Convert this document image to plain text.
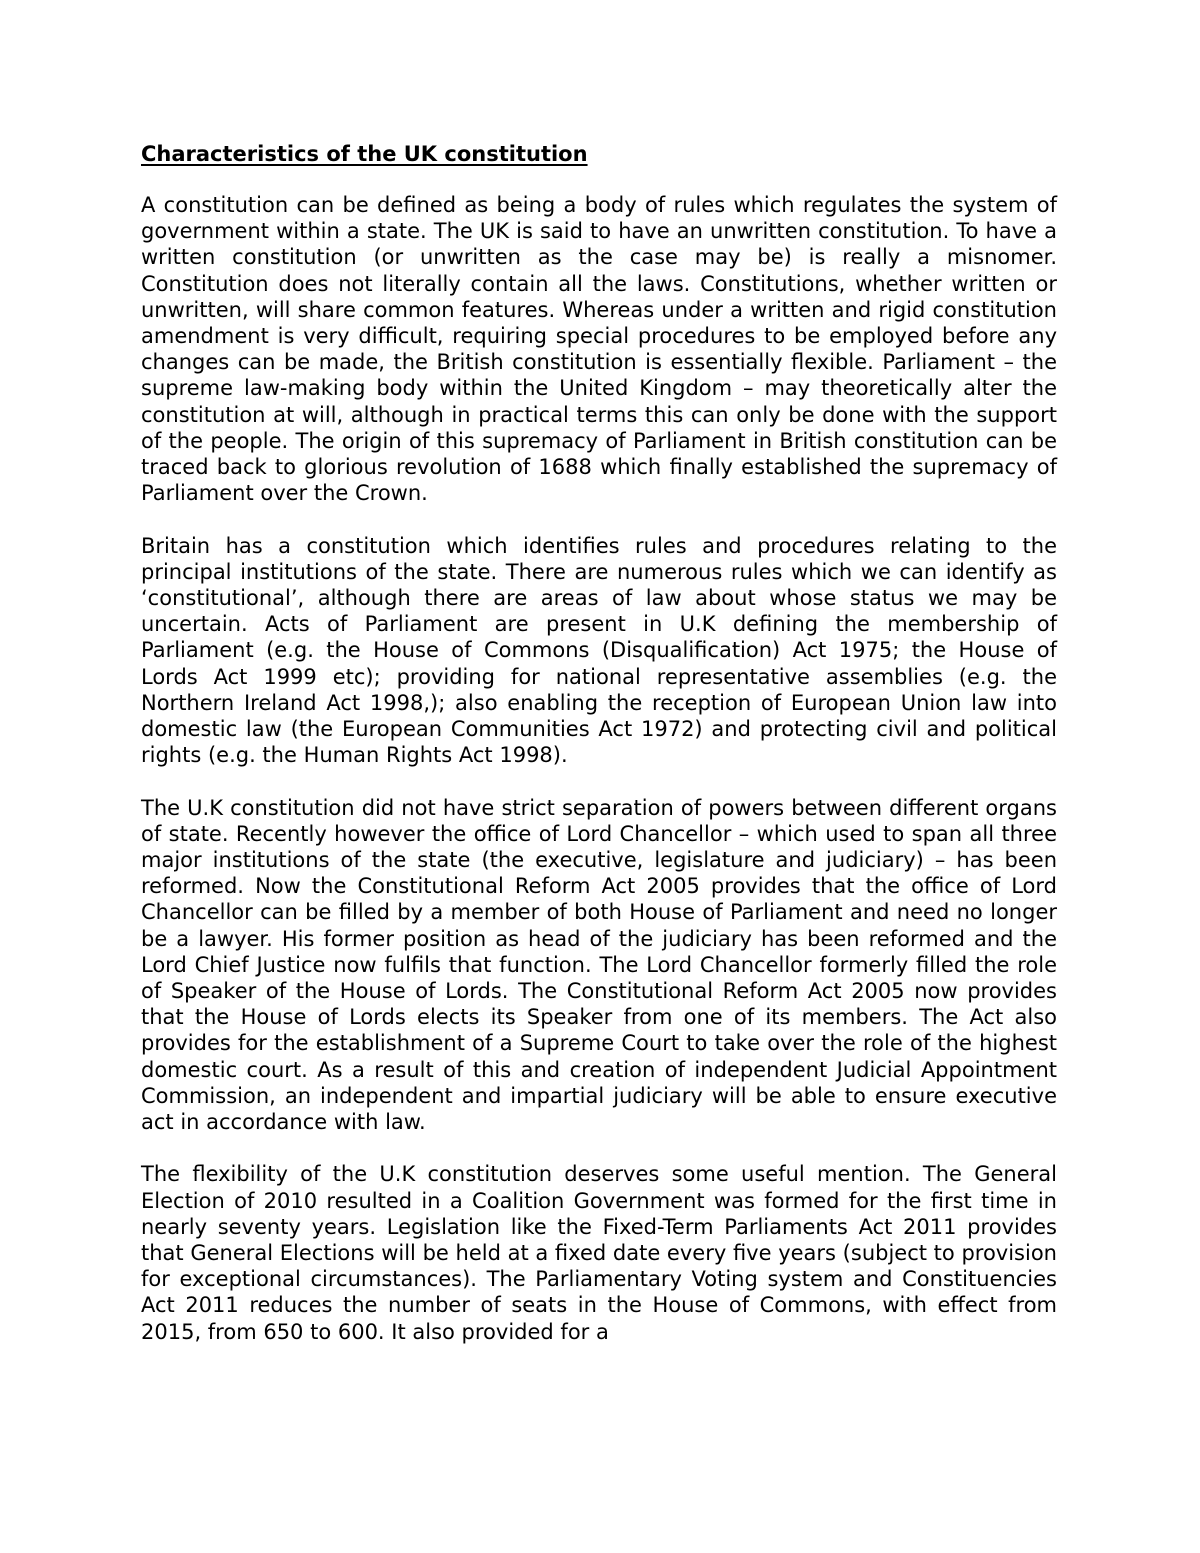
Characteristics of the UK constitution

A constitution can be defined as being a body of rules which regulates the system of government within a state. The UK is said to have an unwritten constitution. To have a written constitution (or unwritten as the case may be) is really a misnomer. Constitution does not literally contain all the laws. Constitutions, whether written or unwritten, will share common features. Whereas under a written and rigid constitution amendment is very difficult, requiring special procedures to be employed before any changes can be made, the British constitution is essentially flexible. Parliament – the supreme law-making body within the United Kingdom – may theoretically alter the constitution at will, although in practical terms this can only be done with the support of the people. The origin of this supremacy of Parliament in British constitution can be traced back to glorious revolution of 1688 which finally established the supremacy of Parliament over the Crown.

Britain has a constitution which identifies rules and procedures relating to the principal institutions of the state. There are numerous rules which we can identify as ‘constitutional’, although there are areas of law about whose status we may be uncertain. Acts of Parliament are present in U.K defining the membership of Parliament (e.g. the House of Commons (Disqualification) Act 1975; the House of Lords Act 1999 etc); providing for national representative assemblies (e.g. the Northern Ireland Act 1998,); also enabling the reception of European Union law into domestic law (the European Communities Act 1972) and protecting civil and political rights (e.g. the Human Rights Act 1998).

The U.K constitution did not have strict separation of powers between different organs of state. Recently however the office of Lord Chancellor – which used to span all three major institutions of the state (the executive, legislature and judiciary) – has been reformed. Now the Constitutional Reform Act 2005 provides that the office of Lord Chancellor can be filled by a member of both House of Parliament and need no longer be a lawyer. His former position as head of the judiciary has been reformed and the Lord Chief Justice now fulfils that function. The Lord Chancellor formerly filled the role of Speaker of the House of Lords. The Constitutional Reform Act 2005 now provides that the House of Lords elects its Speaker from one of its members. The Act also provides for the establishment of a Supreme Court to take over the role of the highest domestic court. As a result of this and creation of independent Judicial Appointment Commission, an independent and impartial judiciary will be able to ensure executive act in accordance with law.

The flexibility of the U.K constitution deserves some useful mention. The General Election of 2010 resulted in a Coalition Government was formed for the first time in nearly seventy years. Legislation like the Fixed-Term Parliaments Act 2011 provides that General Elections will be held at a fixed date every five years (subject to provision for exceptional circumstances). The Parliamentary Voting system and Constituencies Act 2011 reduces the number of seats in the House of Commons, with effect from 2015, from 650 to 600. It also provided for a
